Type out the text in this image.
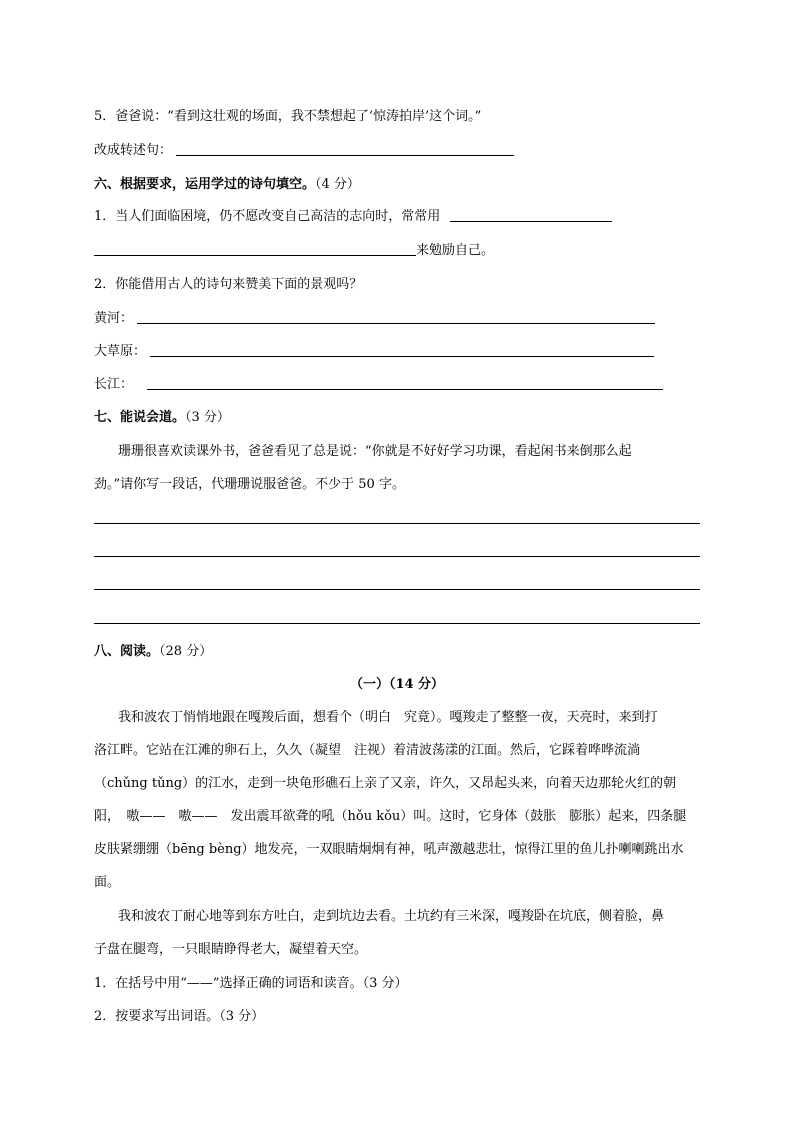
5．爸爸说：“看到这壮观的场面，我不禁想起了‘惊涛拍岸’这个词。”
改成转述句：
六、根据要求，运用学过的诗句填空。（4 分）
1．当人们面临困境，仍不愿改变自己高洁的志向时，常常用
来勉励自己。
2．你能借用古人的诗句来赞美下面的景观吗？
黄河：
大草原：
长江：
七、能说会道。（3 分）
珊珊很喜欢读课外书，爸爸看见了总是说：“你就是不好好学习功课，看起闲书来倒那么起
劲。”请你写一段话，代珊珊说服爸爸。不少于 50 字。
八、阅读。（28 分）
（一）（14 分）
我和波农丁悄悄地跟在嘎羧后面，想看个（明白　究竟）。嘎羧走了整整一夜，天亮时，来到打
洛江畔。它站在江滩的卵石上，久久（凝望　注视）着清波荡漾的江面。然后，它踩着哗哗流淌
（chǔng tǔng）的江水，走到一块龟形礁石上亲了又亲，许久，又昂起头来，向着天边那轮火红的朝
阳，　嗷——　嗷——　发出震耳欲聋的吼（hǒu kǒu）叫。这时，它身体（鼓胀　膨胀）起来，四条腿
皮肤紧绷绷（bēng bèng）地发亮，一双眼睛炯炯有神，吼声激越悲壮，惊得江里的鱼儿扑喇喇跳出水
面。
我和波农丁耐心地等到东方吐白，走到坑边去看。土坑约有三米深，嘎羧卧在坑底，侧着脸，鼻
子盘在腿弯，一只眼睛睁得老大，凝望着天空。
1．在括号中用“——”选择正确的词语和读音。（3 分）
2．按要求写出词语。（3 分）
